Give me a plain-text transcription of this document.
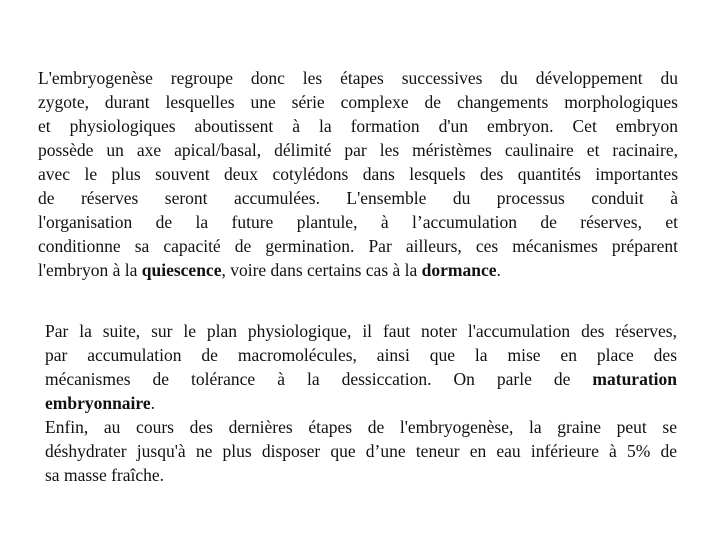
L'embryogenèse regroupe donc les étapes successives du développement du
zygote, durant lesquelles une série complexe de changements morphologiques
et physiologiques aboutissent à la formation d'un embryon. Cet embryon
possède un axe apical/basal, délimité par les méristèmes caulinaire et racinaire,
avec le plus souvent deux cotylédons dans lesquels des quantités importantes
de réserves seront accumulées. L'ensemble du processus conduit à
l'organisation de la future plantule, à l’accumulation de réserves, et
conditionne sa capacité de germination. Par ailleurs, ces mécanismes préparent
l'embryon à la quiescence, voire dans certains cas à la dormance.
Par la suite, sur le plan physiologique, il faut noter l'accumulation des réserves,
par accumulation de macromolécules, ainsi que la mise en place des
mécanismes de tolérance à la dessiccation. On parle de maturation
embryonnaire.
Enfin, au cours des dernières étapes de l'embryogenèse, la graine peut se
déshydrater jusqu'à ne plus disposer que d’une teneur en eau inférieure à 5% de
sa masse fraîche.
